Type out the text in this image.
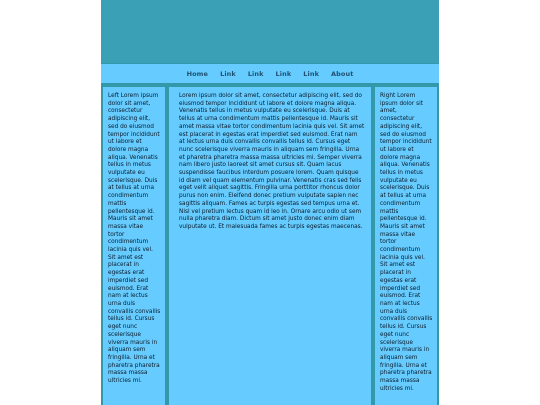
Home Link Link Link Link About

Left Lorem ipsum dolor sit amet, consectetur adipiscing elit, sed do eiusmod tempor incididunt ut labore et dolore magna aliqua. Venenatis tellus in metus vulputate eu scelerisque. Duis at tellus at urna condimentum mattis pellentesque id. Mauris sit amet massa vitae tortor condimentum lacinia quis vel. Sit amet est placerat in egestas erat imperdiet sed euismod. Erat nam at lectus urna duis convallis convallis tellus id. Cursus eget nunc scelerisque viverra mauris in aliquam sem fringilla. Urna et pharetra pharetra massa massa ultricies mi.

Lorem ipsum dolor sit amet, consectetur adipiscing elit, sed do eiusmod tempor incididunt ut labore et dolore magna aliqua. Venenatis tellus in metus vulputate eu scelerisque. Duis at tellus at urna condimentum mattis pellentesque id. Mauris sit amet massa vitae tortor condimentum lacinia quis vel. Sit amet est placerat in egestas erat imperdiet sed euismod. Erat nam at lectus urna duis convallis convallis tellus id. Cursus eget nunc scelerisque viverra mauris in aliquam sem fringilla. Urna et pharetra pharetra massa massa ultricies mi. Semper viverra nam libero justo laoreet sit amet cursus sit. Quam lacus suspendisse faucibus interdum posuere lorem. Quam quisque id diam vel quam elementum pulvinar. Venenatis cras sed felis eget velit aliquet sagittis. Fringilla urna porttitor rhoncus dolor purus non enim. Eleifend donec pretium vulputate sapien nec sagittis aliquam. Fames ac turpis egestas sed tempus urna et. Nisl vel pretium lectus quam id leo in. Ornare arcu odio ut sem nulla pharetra diam. Dictum sit amet justo donec enim diam vulputate ut. Et malesuada fames ac turpis egestas maecenas.

Right Lorem ipsum dolor sit amet, consectetur adipiscing elit, sed do eiusmod tempor incididunt ut labore et dolore magna aliqua. Venenatis tellus in metus vulputate eu scelerisque. Duis at tellus at urna condimentum mattis pellentesque id. Mauris sit amet massa vitae tortor condimentum lacinia quis vel. Sit amet est placerat in egestas erat imperdiet sed euismod. Erat nam at lectus urna duis convallis convallis tellus id. Cursus eget nunc scelerisque viverra mauris in aliquam sem fringilla. Urna et pharetra pharetra massa massa ultricies mi.
